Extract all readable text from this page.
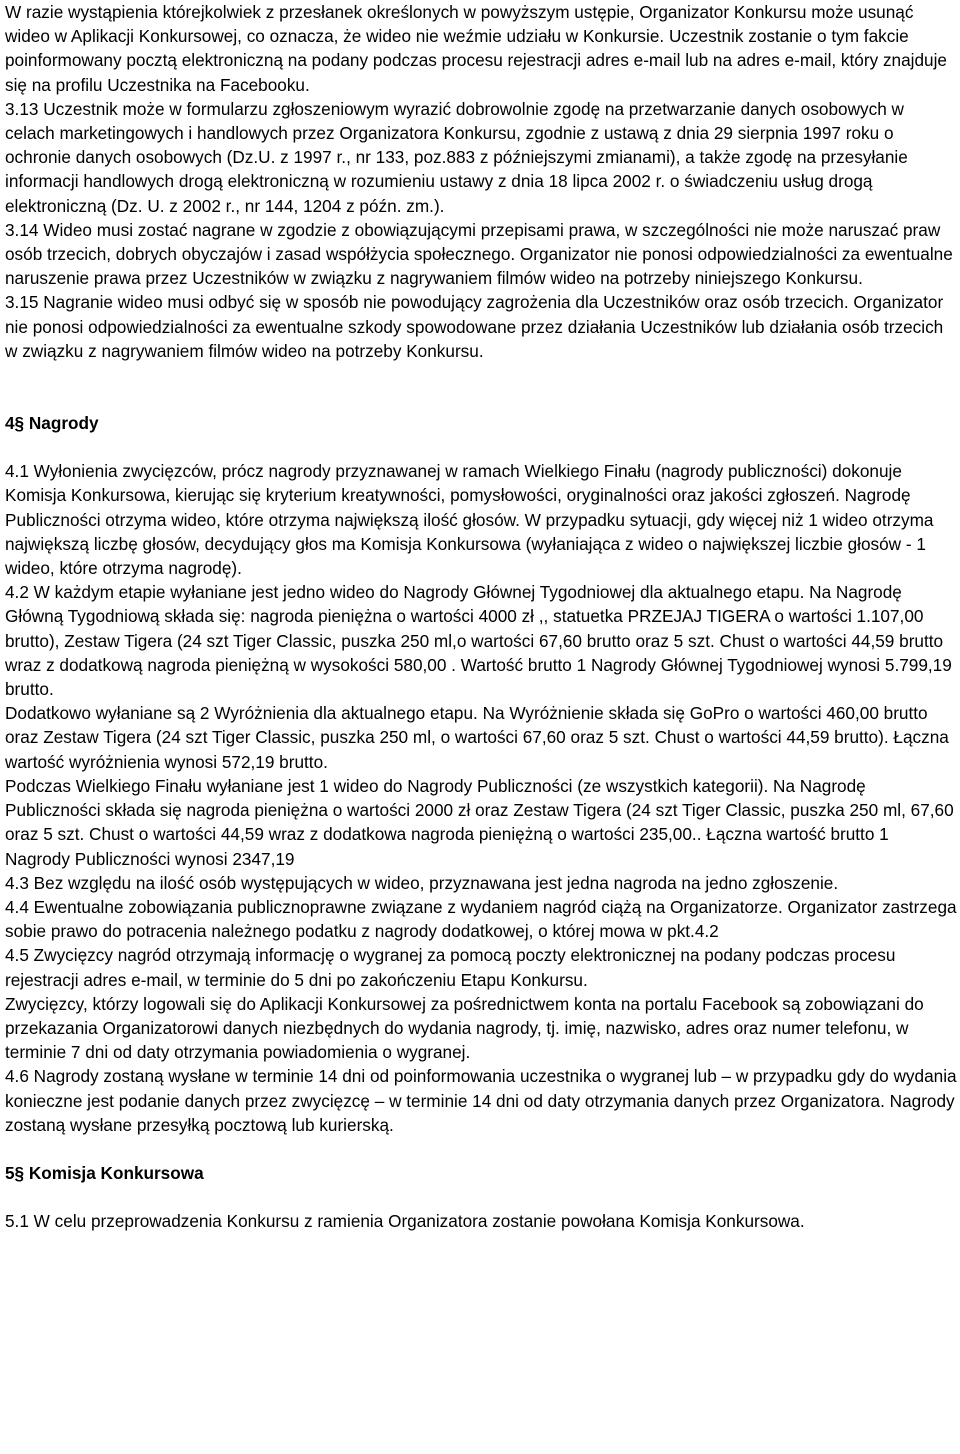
W razie wystąpienia którejkolwiek z przesłanek określonych w powyższym ustępie, Organizator Konkursu może usunąć wideo w Aplikacji Konkursowej, co oznacza, że wideo nie weźmie udziału w Konkursie. Uczestnik zostanie o tym fakcie poinformowany pocztą elektroniczną na podany podczas procesu rejestracji adres e-mail lub na adres e-mail, który znajduje się na profilu Uczestnika na Facebooku.

3.13 Uczestnik może w formularzu zgłoszeniowym wyrazić dobrowolnie zgodę na przetwarzanie danych osobowych w celach marketingowych i handlowych przez Organizatora Konkursu, zgodnie z ustawą z dnia 29 sierpnia 1997 roku o ochronie danych osobowych (Dz.U. z 1997 r., nr 133, poz.883 z późniejszymi zmianami), a także zgodę na przesyłanie informacji handlowych drogą elektroniczną w rozumieniu ustawy z dnia 18 lipca 2002 r. o świadczeniu usług drogą elektroniczną (Dz. U. z 2002 r., nr 144, 1204 z późn. zm.).

3.14 Wideo musi zostać nagrane w zgodzie z obowiązującymi przepisami prawa, w szczególności nie może naruszać praw osób trzecich, dobrych obyczajów i zasad współżycia społecznego. Organizator nie ponosi odpowiedzialności za ewentualne naruszenie prawa przez Uczestników w związku z nagrywaniem filmów wideo na potrzeby niniejszego Konkursu.

3.15 Nagranie wideo musi odbyć się w sposób nie powodujący zagrożenia dla Uczestników oraz osób trzecich. Organizator nie ponosi odpowiedzialności za ewentualne szkody spowodowane przez działania Uczestników lub działania osób trzecich w związku z nagrywaniem filmów wideo na potrzeby Konkursu.

4§ Nagrody

4.1 Wyłonienia zwycięzców, prócz nagrody przyznawanej w ramach Wielkiego Finału (nagrody publiczności) dokonuje Komisja Konkursowa, kierując się kryterium kreatywności, pomysłowości, oryginalności oraz jakości zgłoszeń. Nagrodę Publiczności otrzyma wideo, które otrzyma największą ilość głosów. W przypadku sytuacji, gdy więcej niż 1 wideo otrzyma największą liczbę głosów, decydujący głos ma Komisja Konkursowa (wyłaniająca z wideo o największej liczbie głosów - 1 wideo, które otrzyma nagrodę).

4.2 W każdym etapie wyłaniane jest jedno wideo do Nagrody Głównej Tygodniowej dla aktualnego etapu. Na Nagrodę Główną Tygodniową składa się: nagroda pieniężna o wartości 4000 zł ,, statuetka PRZEJAJ TIGERA o wartości 1.107,00 brutto), Zestaw Tigera (24 szt Tiger Classic, puszka 250 ml,o wartości 67,60 brutto oraz 5 szt. Chust o wartości 44,59 brutto wraz z dodatkową nagroda pieniężną w wysokości 580,00 . Wartość brutto 1 Nagrody Głównej Tygodniowej wynosi 5.799,19 brutto.

Dodatkowo wyłaniane są 2 Wyróżnienia dla aktualnego etapu. Na Wyróżnienie składa się GoPro o wartości 460,00 brutto oraz Zestaw Tigera (24 szt Tiger Classic, puszka 250 ml, o wartości 67,60 oraz 5 szt. Chust o wartości 44,59 brutto). Łączna wartość wyróżnienia wynosi 572,19 brutto.

Podczas Wielkiego Finału wyłaniane jest 1 wideo do Nagrody Publiczności (ze wszystkich kategorii). Na Nagrodę Publiczności składa się nagroda pieniężna o wartości 2000 zł oraz Zestaw Tigera (24 szt Tiger Classic, puszka 250 ml, 67,60 oraz 5 szt. Chust o wartości 44,59 wraz z dodatkowa nagroda pieniężną o wartości 235,00.. Łączna wartość brutto 1 Nagrody Publiczności wynosi 2347,19

4.3 Bez względu na ilość osób występujących w wideo, przyznawana jest jedna nagroda na jedno zgłoszenie.

4.4 Ewentualne zobowiązania publicznoprawne związane z wydaniem nagród ciążą na Organizatorze. Organizator zastrzega sobie prawo do potracenia należnego podatku z nagrody dodatkowej, o której mowa w pkt.4.2

4.5 Zwycięzcy nagród otrzymają informację o wygranej za pomocą poczty elektronicznej na podany podczas procesu rejestracji adres e-mail, w terminie do 5 dni po zakończeniu Etapu Konkursu.

Zwycięzcy, którzy logowali się do Aplikacji Konkursowej za pośrednictwem konta na portalu Facebook są zobowiązani do przekazania Organizatorowi danych niezbędnych do wydania nagrody, tj. imię, nazwisko, adres oraz numer telefonu, w terminie 7 dni od daty otrzymania powiadomienia o wygranej.

4.6 Nagrody zostaną wysłane w terminie 14 dni od poinformowania uczestnika o wygranej lub – w przypadku gdy do wydania konieczne jest podanie danych przez zwycięzcę – w terminie 14 dni od daty otrzymania danych przez Organizatora. Nagrody zostaną wysłane przesyłką pocztową lub kurierską.

5§ Komisja Konkursowa

5.1 W celu przeprowadzenia Konkursu z ramienia Organizatora zostanie powołana Komisja Konkursowa.
